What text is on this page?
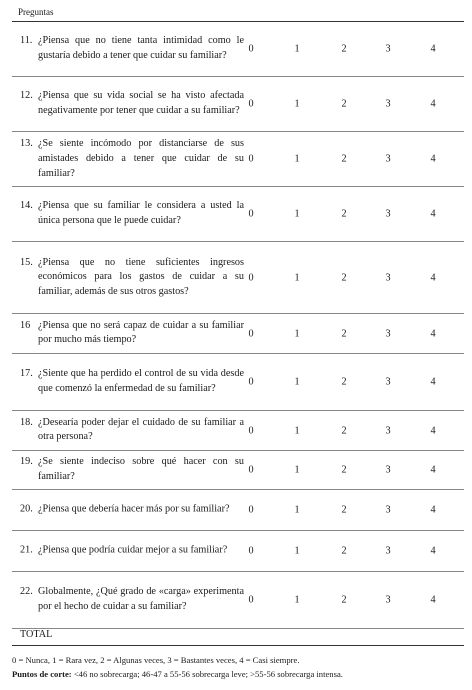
Preguntas
11. ¿Piensa que no tiene tanta intimidad como le gustaría debido a tener que cuidar su familiar?
0	1	2	3	4
12. ¿Piensa que su vida social se ha visto afectada negativamente por tener que cuidar a su familiar?
0	1	2	3	4
13. ¿Se siente incómodo por distanciarse de sus amistades debido a tener que cuidar de su familiar?
0	1	2	3	4
14. ¿Piensa que su familiar le considera a usted la única persona que le puede cuidar?
0	1	2	3	4
15. ¿Piensa que no tiene suficientes ingresos económicos para los gastos de cuidar a su familiar, además de sus otros gastos?
0	1	2	3	4
16 ¿Piensa que no será capaz de cuidar a su familiar por mucho más tiempo?
0	1	2	3	4
17. ¿Siente que ha perdido el control de su vida desde que comenzó la enfermedad de su familiar?
0	1	2	3	4
18. ¿Desearía poder dejar el cuidado de su familiar a otra persona?
0	1	2	3	4
19. ¿Se siente indeciso sobre qué hacer con su familiar?
0	1	2	3	4
20. ¿Piensa que debería hacer más por su familiar?	0	1	2	3	4
21. ¿Piensa que podría cuidar mejor a su familiar?	0	1	2	3	4
22. Globalmente, ¿Qué grado de «carga» experimenta por el hecho de cuidar a su familiar?
0	1	2	3	4
TOTAL
0 = Nunca, 1 = Rara vez, 2 = Algunas veces, 3 = Bastantes veces, 4 = Casi siempre.
Puntos de corte: <46 no sobrecarga; 46-47 a 55-56 sobrecarga leve; >55-56 sobrecarga intensa.
